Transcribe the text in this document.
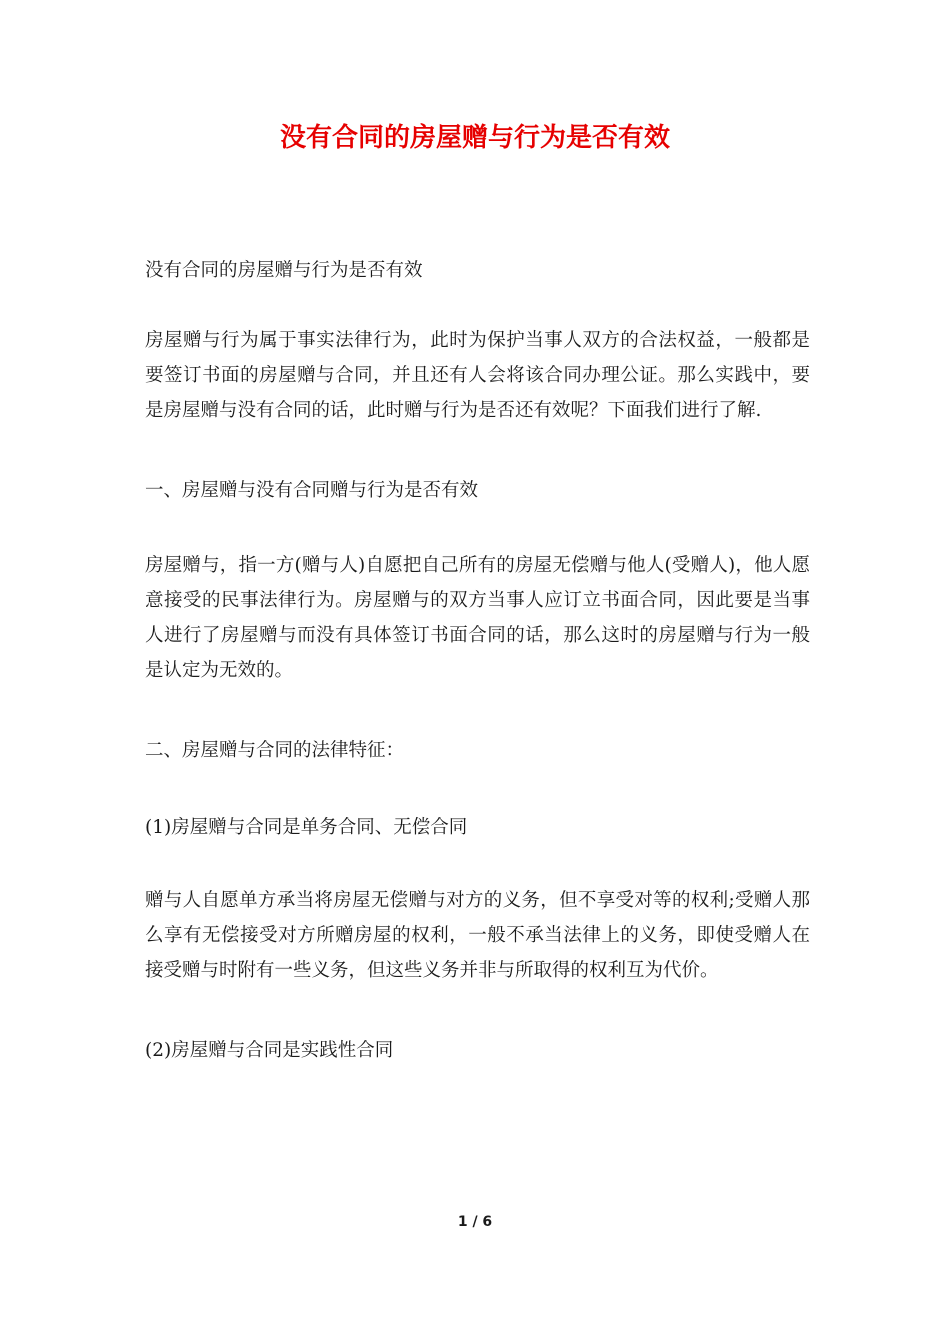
没有合同的房屋赠与行为是否有效

没有合同的房屋赠与行为是否有效

房屋赠与行为属于事实法律行为，此时为保护当事人双方的合法权益，一般都是要签订书面的房屋赠与合同，并且还有人会将该合同办理公证。那么实践中，要是房屋赠与没有合同的话，此时赠与行为是否还有效呢？下面我们进行了解.

一、房屋赠与没有合同赠与行为是否有效

房屋赠与，指一方(赠与人)自愿把自己所有的房屋无偿赠与他人(受赠人)，他人愿意接受的民事法律行为。房屋赠与的双方当事人应订立书面合同，因此要是当事人进行了房屋赠与而没有具体签订书面合同的话，那么这时的房屋赠与行为一般是认定为无效的。

二、房屋赠与合同的法律特征：

(1)房屋赠与合同是单务合同、无偿合同

赠与人自愿单方承当将房屋无偿赠与对方的义务，但不享受对等的权利;受赠人那么享有无偿接受对方所赠房屋的权利，一般不承当法律上的义务，即使受赠人在接受赠与时附有一些义务，但这些义务并非与所取得的权利互为代价。

(2)房屋赠与合同是实践性合同

1 / 6
